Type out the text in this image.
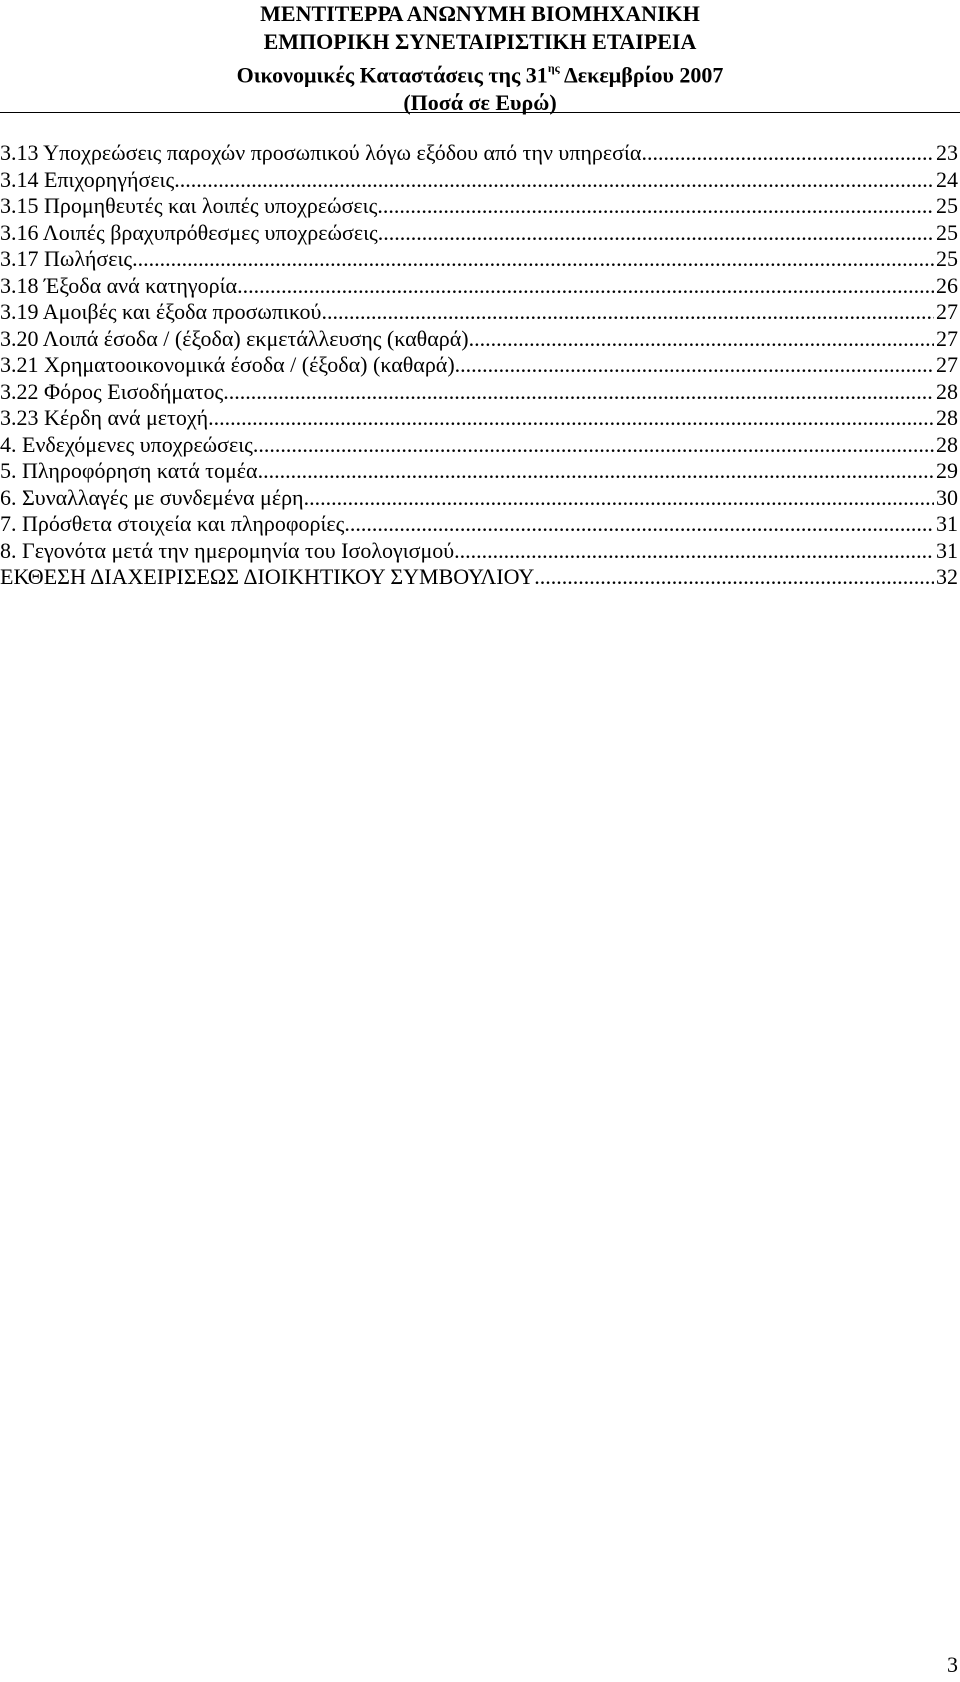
ΜΕΝΤΙΤΕΡΡΑ ΑΝΩΝΥΜΗ ΒΙΟΜΗΧΑΝΙΚΗ
ΕΜΠΟΡΙΚΗ ΣΥΝΕΤΑΙΡΙΣΤΙΚΗ ΕΤΑΙΡΕΙΑ
Οικονομικές Καταστάσεις της $31^{\eta\varsigma}$ Δεκεμβρίου 2007
(Ποσά σε Ευρώ)
3.13 Υποχρεώσεις παροχών προσωπικού λόγω εξόδου από την υπηρεσία .....	23
3.14 Επιχορηγήσεις .....	24
3.15 Προμηθευτές και λοιπές υποχρεώσεις .....	25
3.16 Λοιπές βραχυπρόθεσμες υποχρεώσεις .....	25
3.17 Πωλήσεις .....	25
3.18 Έξοδα ανά κατηγορία .....	26
3.19 Αμοιβές και έξοδα προσωπικού .....	27
3.20 Λοιπά έσοδα / (έξοδα) εκμετάλλευσης (καθαρά) .....	27
3.21 Χρηματοοικονομικά έσοδα / (έξοδα) (καθαρά) .....	27
3.22 Φόρος Εισοδήματος .....	28
3.23 Κέρδη ανά μετοχή .....	28
4. Ενδεχόμενες υποχρεώσεις .....	28
5. Πληροφόρηση κατά τομέα .....	29
6. Συναλλαγές με συνδεμένα μέρη .....	30
7. Πρόσθετα στοιχεία και πληροφορίες .....	31
8. Γεγονότα μετά την ημερομηνία του Ισολογισμού. .....	31
ΕΚΘΕΣΗ ΔΙΑΧΕΙΡΙΣΕΩΣ ΔΙΟΙΚΗΤΙΚΟΥ ΣΥΜΒΟΥΛΙΟΥ .....	32
3
